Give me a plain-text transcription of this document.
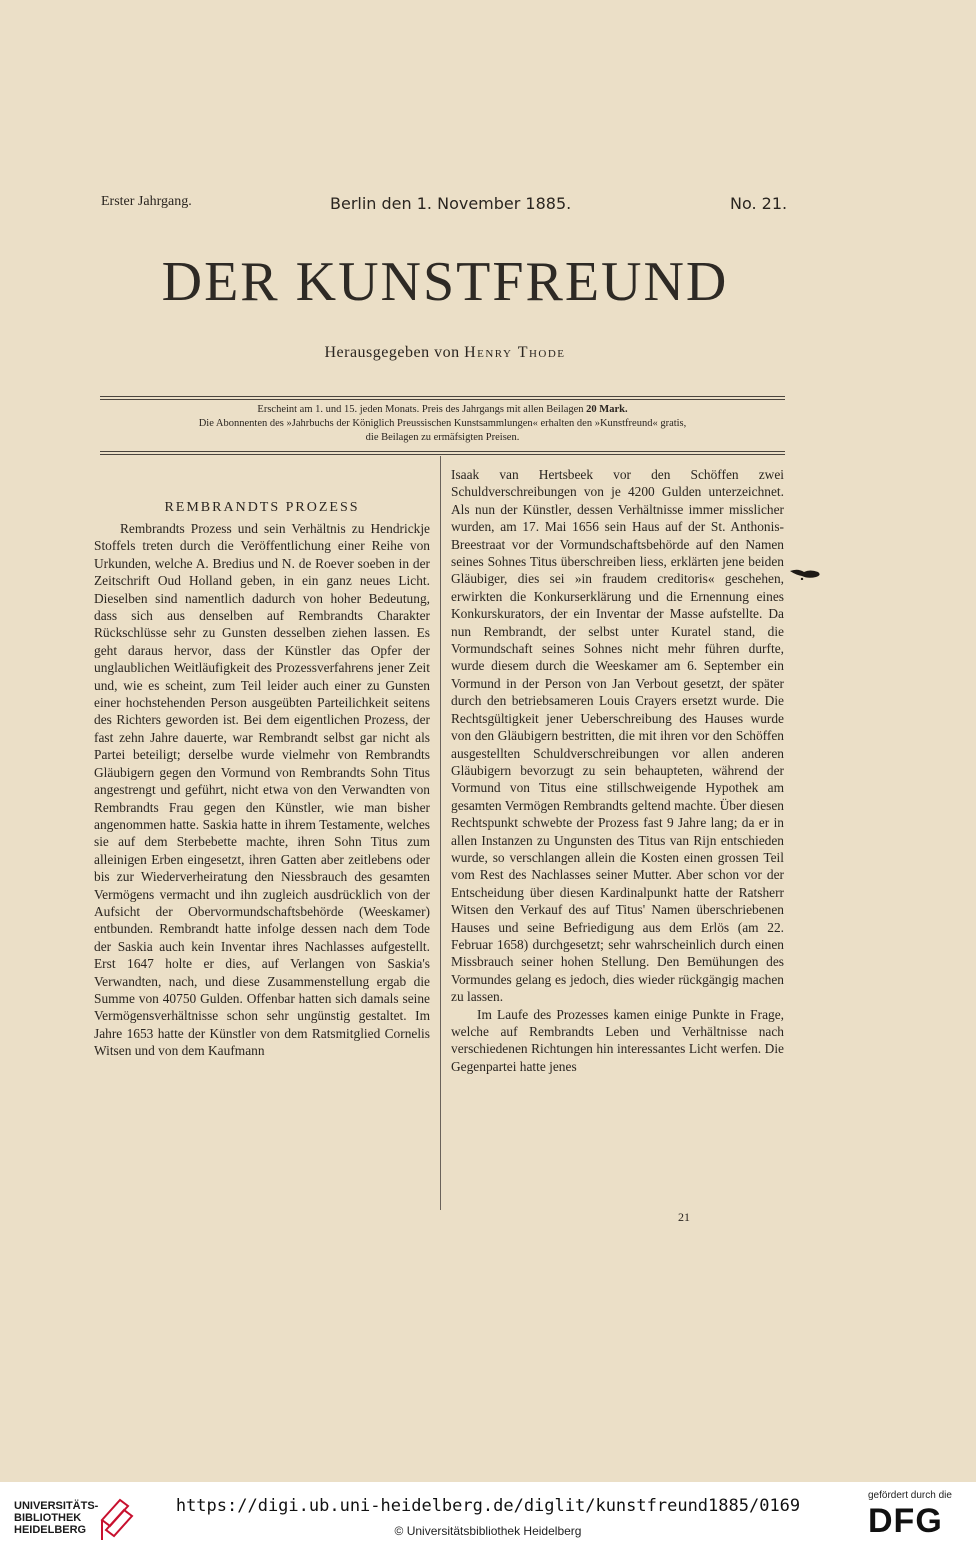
Erster Jahrgang.	Berlin den 1. November 1885.	No. 21.
DER KUNSTFREUND
Herausgegeben von Henry Thode
Erscheint am 1. und 15. jeden Monats. Preis des Jahrgangs mit allen Beilagen 20 Mark.
Die Abonnenten des »Jahrbuchs der Königlich Preussischen Kunstsammlungen« erhalten den »Kunstfreund« gratis,
die Beilagen zu ermäfsigten Preisen.
REMBRANDTS PROZESS

Rembrandts Prozess und sein Verhältnis zu Hendrickje Stoffels treten durch die Veröffentlichung einer Reihe von Urkunden, welche A. Bredius und N. de Roever soeben in der Zeitschrift Oud Holland geben, in ein ganz neues Licht. Dieselben sind namentlich dadurch von hoher Bedeutung, dass sich aus denselben auf Rembrandts Charakter Rückschlüsse sehr zu Gunsten desselben ziehen lassen. Es geht daraus hervor, dass der Künstler das Opfer der unglaublichen Weitläufigkeit des Prozessverfahrens jener Zeit und, wie es scheint, zum Teil leider auch einer zu Gunsten einer hochstehenden Person ausgeübten Parteilichkeit seitens des Richters geworden ist. Bei dem eigentlichen Prozess, der fast zehn Jahre dauerte, war Rembrandt selbst gar nicht als Partei beteiligt; derselbe wurde vielmehr von Rembrandts Gläubigern gegen den Vormund von Rembrandts Sohn Titus angestrengt und geführt, nicht etwa von den Verwandten von Rembrandts Frau gegen den Künstler, wie man bisher angenommen hatte. Saskia hatte in ihrem Testamente, welches sie auf dem Sterbebette machte, ihren Sohn Titus zum alleinigen Erben eingesetzt, ihren Gatten aber zeitlebens oder bis zur Wiederverheiratung den Niessbrauch des gesamten Vermögens vermacht und ihn zugleich ausdrücklich von der Aufsicht der Obervormundschaftsbehörde (Weeskamer) entbunden. Rembrandt hatte infolge dessen nach dem Tode der Saskia auch kein Inventar ihres Nachlasses aufgestellt. Erst 1647 holte er dies, auf Verlangen von Saskia's Verwandten, nach, und diese Zusammenstellung ergab die Summe von 40750 Gulden. Offenbar hatten sich damals seine Vermögensverhältnisse schon sehr ungünstig gestaltet. Im Jahre 1653 hatte der Künstler von dem Ratsmitglied Cornelis Witsen und von dem Kaufmann

Isaak van Hertsbeek vor den Schöffen zwei Schuldverschreibungen von je 4200 Gulden unterzeichnet. Als nun der Künstler, dessen Verhältnisse immer misslicher wurden, am 17. Mai 1656 sein Haus auf der St. Anthonis-Breestraat vor der Vormundschaftsbehörde auf den Namen seines Sohnes Titus überschreiben liess, erklärten jene beiden Gläubiger, dies sei »in fraudem creditoris« geschehen, erwirkten die Konkurserklärung und die Ernennung eines Konkurskurators, der ein Inventar der Masse aufstellte. Da nun Rembrandt, der selbst unter Kuratel stand, die Vormundschaft seines Sohnes nicht mehr führen durfte, wurde diesem durch die Weeskamer am 6. September ein Vormund in der Person von Jan Verbout gesetzt, der später durch den betriebsameren Louis Crayers ersetzt wurde. Die Rechtsgültigkeit jener Ueberschreibung des Hauses wurde von den Gläubigern bestritten, die mit ihren vor den Schöffen ausgestellten Schuldverschreibungen vor allen anderen Gläubigern bevorzugt zu sein behaupteten, während der Vormund von Titus eine stillschweigende Hypothek am gesamten Vermögen Rembrandts geltend machte. Über diesen Rechtspunkt schwebte der Prozess fast 9 Jahre lang; da er in allen Instanzen zu Ungunsten des Titus van Rijn entschieden wurde, so verschlangen allein die Kosten einen grossen Teil vom Rest des Nachlasses seiner Mutter. Aber schon vor der Entscheidung über diesen Kardinalpunkt hatte der Ratsherr Witsen den Verkauf des auf Titus' Namen überschriebenen Hauses und seine Befriedigung aus dem Erlös (am 22. Februar 1658) durchgesetzt; sehr wahrscheinlich durch einen Missbrauch seiner hohen Stellung. Den Bemühungen des Vormundes gelang es jedoch, dies wieder rückgängig machen zu lassen.

Im Laufe des Prozesses kamen einige Punkte in Frage, welche auf Rembrandts Leben und Verhältnisse nach verschiedenen Richtungen hin interessantes Licht werfen. Die Gegenpartei hatte jenes

21
UNIVERSITÄTS-
BIBLIOTHEK
HEIDELBERG
https://digi.ub.uni-heidelberg.de/diglit/kunstfreund1885/0169
© Universitätsbibliothek Heidelberg
gefördert durch die
DFG
